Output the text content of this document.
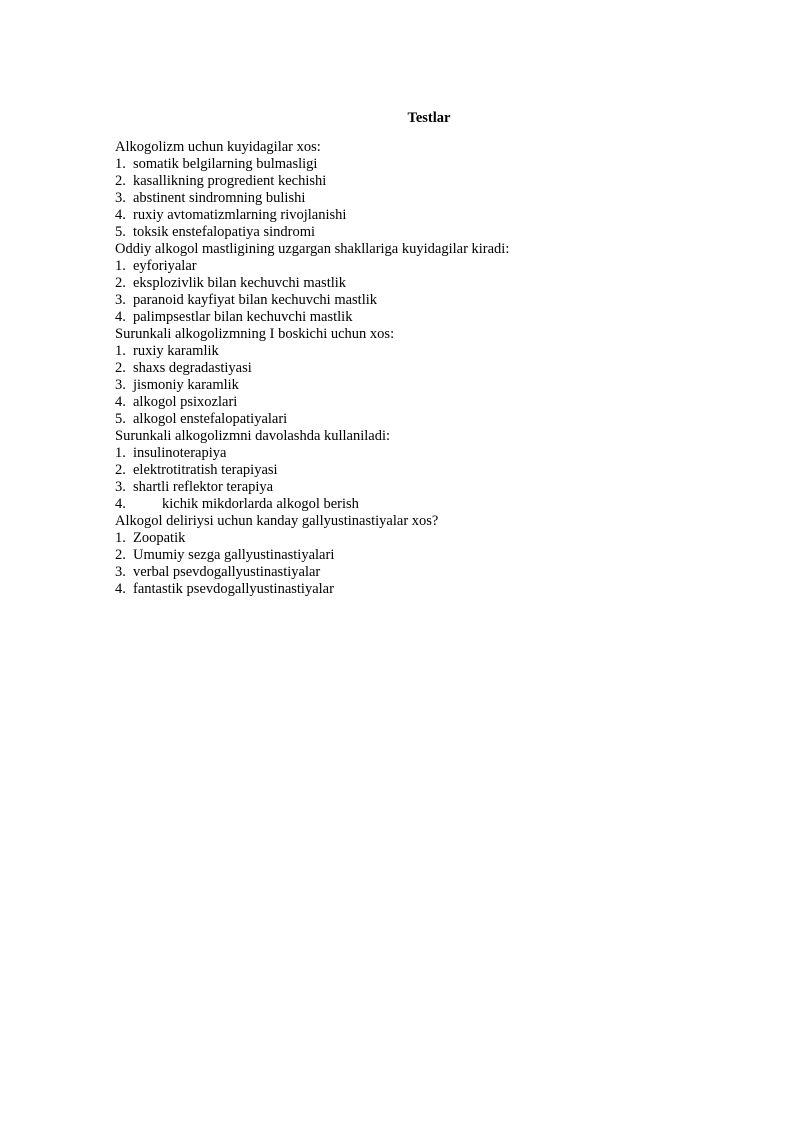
Testlar

Alkogolizm uchun kuyidagilar xos:

1. somatik belgilarning bulmasligi
2. kasallikning progredient kechishi
3. abstinent sindromning bulishi
4. ruxiy avtomatizmlarning rivojlanishi
5. toksik enstefalopatiya sindromi

Oddiy alkogol mastligining uzgargan shakllariga kuyidagilar kiradi:

1. eyforiyalar
2. eksplozivlik bilan kechuvchi mastlik
3. paranoid kayfiyat bilan kechuvchi mastlik
4. palimpsestlar bilan kechuvchi mastlik

Surunkali alkogolizmning I boskichi uchun xos:

1. ruxiy karamlik
2. shaxs degradastiyasi
3. jismoniy karamlik
4. alkogol psixozlari
5. alkogol enstefalopatiyalari

Surunkali alkogolizmni davolashda kullaniladi:

1. insulinoterapiya
2. elektrotitratish terapiyasi
3. shartli reflektor terapiya
4. kichik mikdorlarda alkogol berish

Alkogol deliriysi uchun kanday gallyustinastiyalar xos?

1. Zoopatik
2. Umumiy sezga gallyustinastiyalari
3. verbal psevdogallyustinastiyalar
4. fantastik psevdogallyustinastiyalar
